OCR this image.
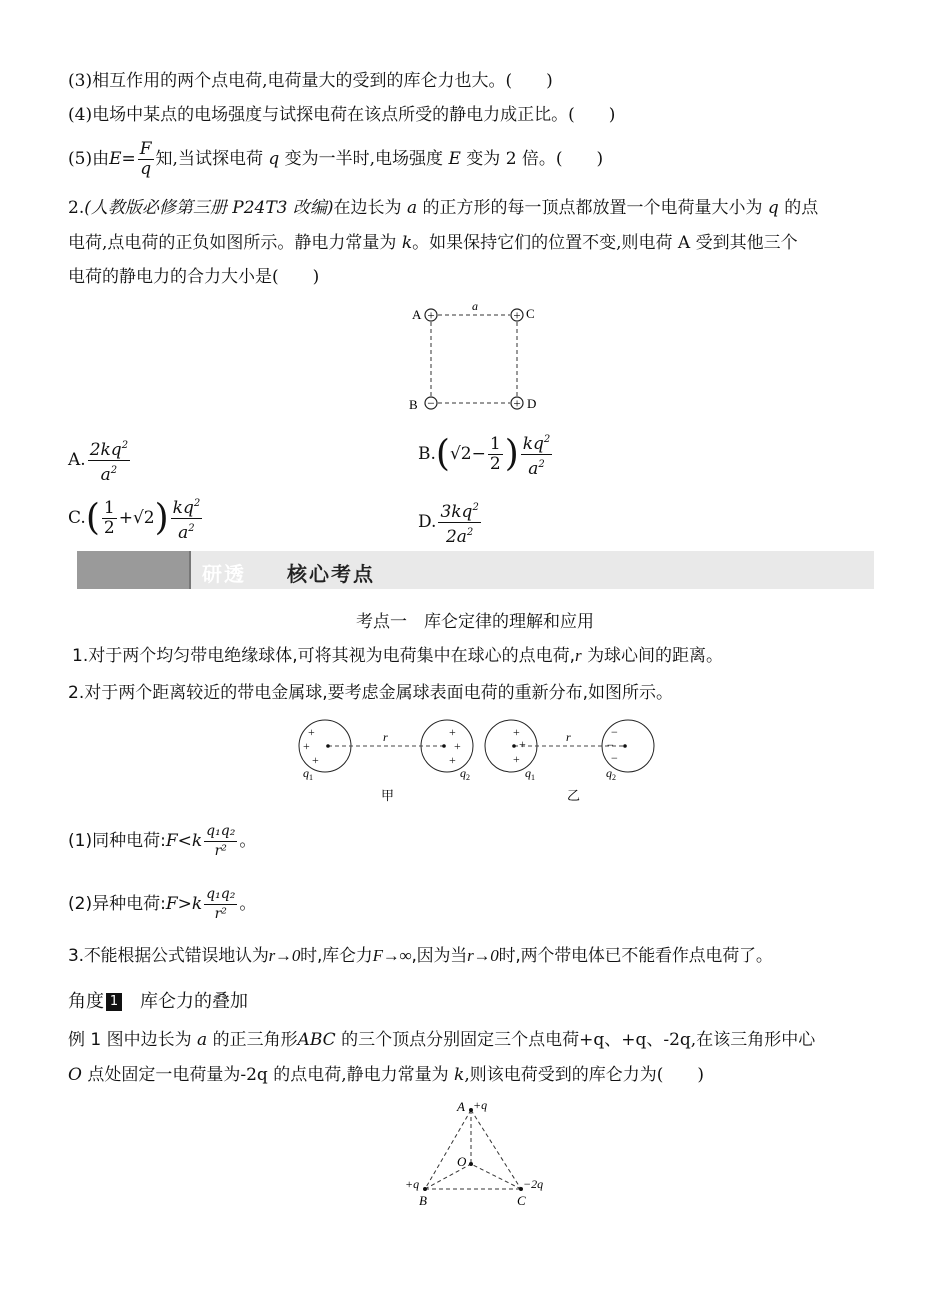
(3)相互作用的两个点电荷,电荷量大的受到的库仑力也大。(　　)
(4)电场中某点的电场强度与试探电荷在该点所受的静电力成正比。(　　)
(5)由$E= \frac{F}{q}$ 知,当试探电荷 q 变为一半时,电场强度 E 变为 2 倍。(　　)
2.(人教版必修第三册 P24T3 改编)在边长为 a 的正方形的每一顶点都放置一个电荷量大小为 q 的点
电荷,点电荷的正负如图所示。静电力常量为 k。如果保持它们的位置不变,则电荷 A 受到其他三个
电荷的静电力的合力大小是(　　)
+	+
−	+
A	C
B	D
a
A. $\frac{2kq^2}{a^2}$	$B.(√2- \frac{1}{2}$ ) $\frac{kq^2}{a^2}$
$C.( \frac{1}{2} +√2) \frac{kq^2}{a^2}$	D. $\frac{3kq^2}{2a^2}$
研透 核心考点
考点一　库仑定律的理解和应用
1.对于两个均匀带电绝缘球体,可将其视为电荷集中在球心的点电荷,r 为球心间的距离。
2.对于两个距离较近的带电金属球,要考虑金属球表面电荷的重新分布,如图所示。
+
+
+
+
+
+
+
+
+
−
−
−
r	r
$q_1$	$q_2$	$q_1$	$q_2$
甲	乙
(1)同种电荷:F<k $\frac{\text{q₁q₂}}{\text{r²}}$ 。
(2)异种电荷:F>k $\frac{\text{q₁q₂}}{\text{r²}}$ 。
3.不能根据公式错误地认为r→0时,库仑力F→∞,因为当r→0时,两个带电体已不能看作点电荷了。
角度 1 库仑力的叠加
例 1 图中边长为 a 的正三角形ABC 的三个顶点分别固定三个点电荷+q、+q、-2q,在该三角形中心
O 点处固定一电荷量为-2q 的点电荷,静电力常量为 k,则该电荷受到的库仑力为(　　)
A
B	C
O
+q
+q	−2q
